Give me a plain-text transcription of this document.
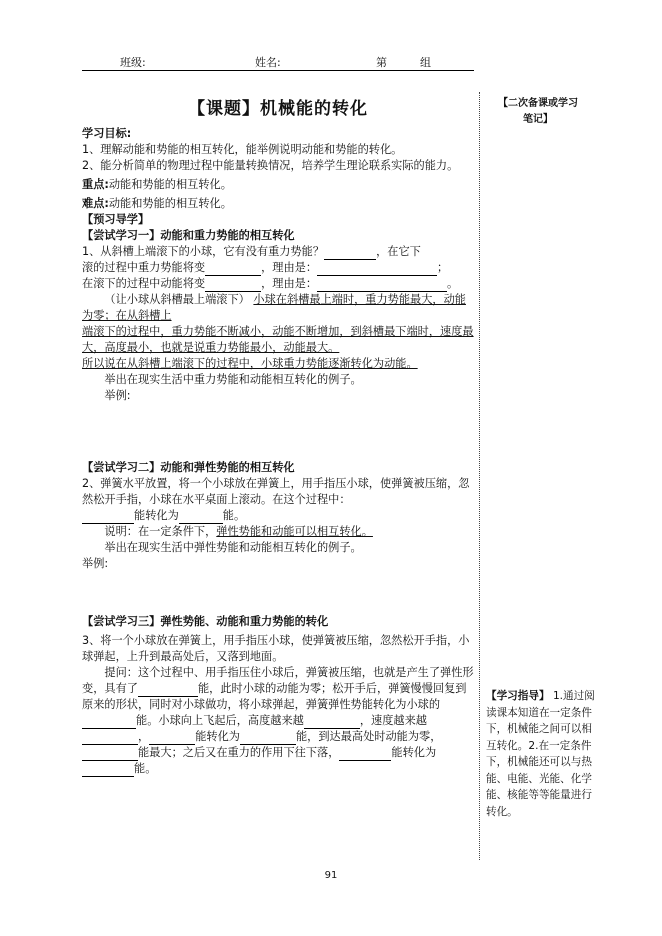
班级:	姓名:	第	组
【课题】机械能的转化	【二次备课或学习
笔记】
【学习指导】 1.通过阅读课本知道在一定条件下，机械能之间可以相互转化。2.在一定条件下，机械能还可以与热能、电能、光能、化学能、核能等等能量进行转化。

学习目标:

1、理解动能和势能的相互转化，能举例说明动能和势能的转化。

2、能分析简单的物理过程中能量转换情况，培养学生理论联系实际的能力。

重点:动能和势能的相互转化。

难点:动能和势能的相互转化。

【预习导学】

【尝试学习一】动能和重力势能的相互转化

1、从斜槽上端滚下的小球，它有没有重力势能？	，在它下

滚的过程中重力势能将变	，理由是：	；

在滚下的过程中动能将变	，理由是：	。

（让小球从斜槽最上端滚下） 小球在斜槽最上端时，重力势能最大，动能为零；在从斜槽上

端滚下的过程中，重力势能不断减小，动能不断增加，到斜槽最下端时，速度最大，高度最小，也就是说重力势能最小，动能最大。

所以说在从斜槽上端滚下的过程中，小球重力势能逐渐转化为动能。

举出在现实生活中重力势能和动能相互转化的例子。

举例:

【尝试学习二】动能和弹性势能的相互转化

2、弹簧水平放置，将一个小球放在弹簧上，用手指压小球，使弹簧被压缩，忽然松开手指，小球在水平桌面上滚动。在这个过程中：

能转化为	能。

说明：在一定条件下，弹性势能和动能可以相互转化。

举出在现实生活中弹性势能和动能相互转化的例子。

举例:

【尝试学习三】弹性势能、动能和重力势能的转化

3、将一个小球放在弹簧上，用手指压小球，使弹簧被压缩，忽然松开手指，小球弹起，上升到最高处后，又落到地面。

提问：这个过程中、用手指压住小球后，弹簧被压缩，也就是产生了弹性形变，具有了	能，此时小球的动能为零；松开手后，弹簧慢慢回复到原来的形状，同时对小球做功，将小球弹起，弹簧弹性势能转化为小球的能。小球向上飞起后，高度越来越	，速度越来越，	能转化为	能，到达最高处时动能为零，能最大；之后又在重力的作用下往下落，	能转化为能。

91
